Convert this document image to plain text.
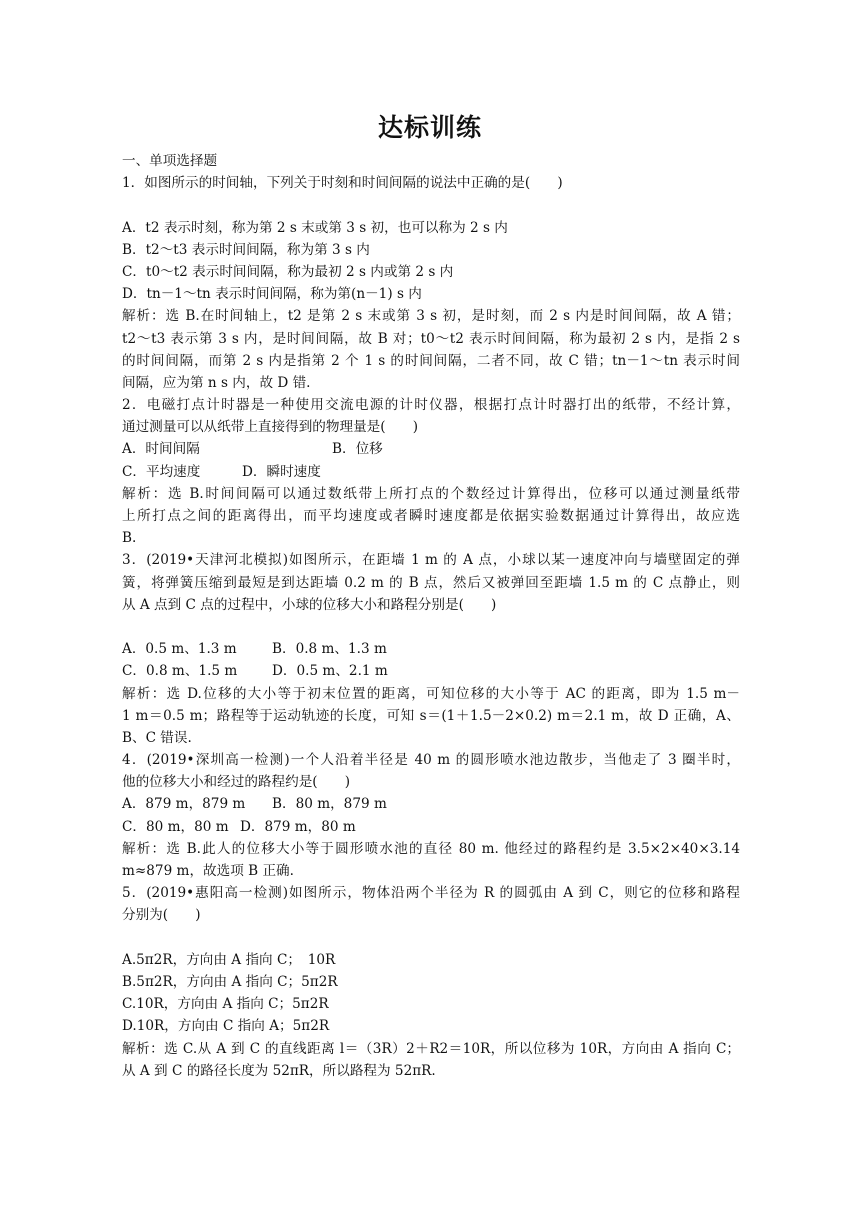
达标训练
一、单项选择题
1．如图所示的时间轴，下列关于时刻和时间间隔的说法中正确的是(　　)
A．t2 表示时刻，称为第 2 s 末或第 3 s 初，也可以称为 2 s 内
B．t2～t3 表示时间间隔，称为第 3 s 内
C．t0～t2 表示时间间隔，称为最初 2 s 内或第 2 s 内
D．tn－1～tn 表示时间间隔，称为第(n－1) s 内
解析：选 B.在时间轴上，t2 是第 2 s 末或第 3 s 初，是时刻，而 2 s 内是时间间隔，故 A 错；
t2～t3 表示第 3 s 内，是时间间隔，故 B 对；t0～t2 表示时间间隔，称为最初 2 s 内，是指 2 s
的时间间隔，而第 2 s 内是指第 2 个 1 s 的时间间隔，二者不同，故 C 错；tn－1～tn 表示时间
间隔，应为第 n s 内，故 D 错.
2．电磁打点计时器是一种使用交流电源的计时仪器，根据打点计时器打出的纸带，不经计算，
通过测量可以从纸带上直接得到的物理量是(　　)
A．时间间隔	B．位移
C．平均速度	D．瞬时速度
解析：选 B.时间间隔可以通过数纸带上所打点的个数经过计算得出，位移可以通过测量纸带
上所打点之间的距离得出，而平均速度或者瞬时速度都是依据实验数据通过计算得出，故应选
B.
3．(2019•天津河北模拟)如图所示，在距墙 1 m 的 A 点，小球以某一速度冲向与墙壁固定的弹
簧，将弹簧压缩到最短是到达距墙 0.2 m 的 B 点，然后又被弹回至距墙 1.5 m 的 C 点静止，则
从 A 点到 C 点的过程中，小球的位移大小和路程分别是(　　)
A．0.5 m、1.3 m	B．0.8 m、1.3 m
C．0.8 m、1.5 m	D．0.5 m、2.1 m
解析：选 D.位移的大小等于初末位置的距离，可知位移的大小等于 AC 的距离，即为 1.5 m－
1 m＝0.5 m；路程等于运动轨迹的长度，可知 s＝(1＋1.5－2×0.2) m＝2.1 m，故 D 正确，A、
B、C 错误.
4．(2019•深圳高一检测)一个人沿着半径是 40 m 的圆形喷水池边散步，当他走了 3 圈半时，
他的位移大小和经过的路程约是(　　)
A．879 m，879 m B．80 m，879 m
C．80 m，80 m D．879 m，80 m
解析：选 B.此人的位移大小等于圆形喷水池的直径 80 m. 他经过的路程约是 3.5×2×40×3.14
m≈879 m，故选项 B 正确.
5．(2019•惠阳高一检测)如图所示，物体沿两个半径为 R 的圆弧由 A 到 C，则它的位移和路程
分别为(　　)
A.5π2R，方向由 A 指向 C；　10R
B.5π2R，方向由 A 指向 C；5π2R
C.10R，方向由 A 指向 C；5π2R
D.10R，方向由 C 指向 A；5π2R
解析：选 C.从 A 到 C 的直线距离 l＝（3R）2＋R2＝10R，所以位移为 10R，方向由 A 指向 C；
从 A 到 C 的路径长度为 52πR，所以路程为 52πR.
